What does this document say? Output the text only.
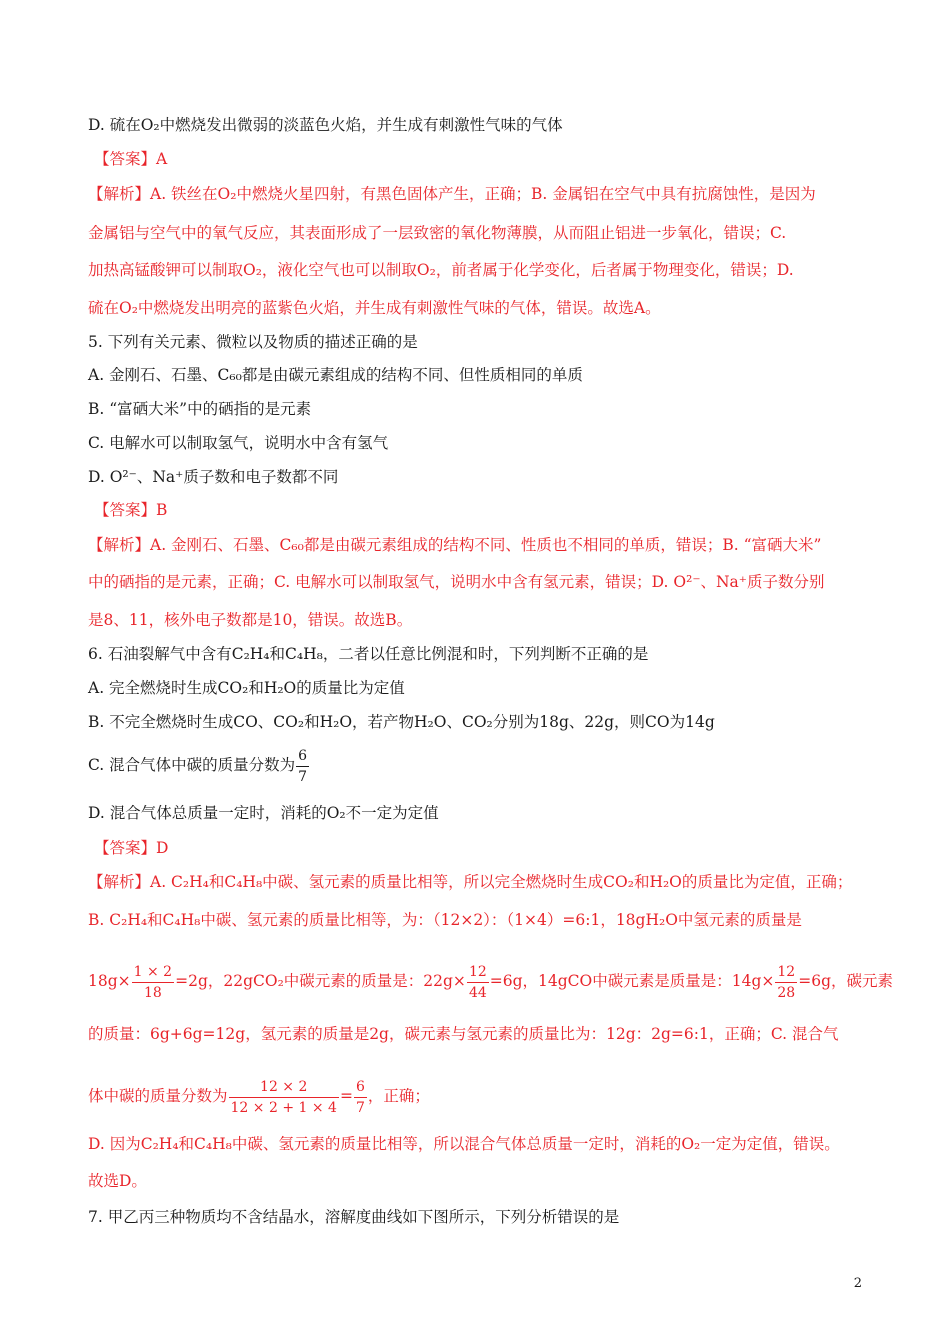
D. 硫在O₂中燃烧发出微弱的淡蓝色火焰，并生成有刺激性气味的气体
【答案】A
【解析】A. 铁丝在O₂中燃烧火星四射，有黑色固体产生，正确；B. 金属铝在空气中具有抗腐蚀性，是因为
金属铝与空气中的氧气反应，其表面形成了一层致密的氧化物薄膜，从而阻止铝进一步氧化，错误；C.
加热高锰酸钾可以制取O₂，液化空气也可以制取O₂，前者属于化学变化，后者属于物理变化，错误；D.
硫在O₂中燃烧发出明亮的蓝紫色火焰，并生成有刺激性气味的气体，错误。故选A。
5. 下列有关元素、微粒以及物质的描述正确的是
A. 金刚石、石墨、C₆₀都是由碳元素组成的结构不同、但性质相同的单质
B. “富硒大米”中的硒指的是元素
C. 电解水可以制取氢气，说明水中含有氢气
D. O²⁻、Na⁺质子数和电子数都不同
【答案】B
【解析】A. 金刚石、石墨、C₆₀都是由碳元素组成的结构不同、性质也不相同的单质，错误；B. “富硒大米”
中的硒指的是元素，正确；C. 电解水可以制取氢气，说明水中含有氢元素，错误；D. O²⁻、Na⁺质子数分别
是8、11，核外电子数都是10，错误。故选B。
6. 石油裂解气中含有C₂H₄和C₄H₈，二者以任意比例混和时，下列判断不正确的是
A. 完全燃烧时生成CO₂和H₂O的质量比为定值
B. 不完全燃烧时生成CO、CO₂和H₂O，若产物H₂O、CO₂分别为18g、22g，则CO为14g
C. 混合气体中碳的质量分数为 $\frac{6}{7}$
D. 混合气体总质量一定时，消耗的O₂不一定为定值
【答案】D
【解析】A. C₂H₄和C₄H₈中碳、氢元素的质量比相等，所以完全燃烧时生成CO₂和H₂O的质量比为定值，正确；
B. C₂H₄和C₄H₈中碳、氢元素的质量比相等，为：（12×2）：（1×4）=6:1，18gH₂O中氢元素的质量是
$18g\times \frac{1 \times 2}{18} =2g$，22gCO₂中碳元素的质量是：$22g\times \frac{12}{44} =6g$，14gCO中碳元素是质量是：$14g\times \frac{12}{28} =6g$，碳元素
的质量：6g+6g=12g，氢元素的质量是2g，碳元素与氢元素的质量比为：12g：2g=6:1，正确；C. 混合气
体中碳的质量分数为 $\frac{12 \times 2}{12 \times 2 + 1 \times 4} = \frac{6}{7}$ ，正确；
D. 因为C₂H₄和C₄H₈中碳、氢元素的质量比相等，所以混合气体总质量一定时，消耗的O₂一定为定值，错误。
故选D。
7. 甲乙丙三种物质均不含结晶水，溶解度曲线如下图所示，下列分析错误的是
2
